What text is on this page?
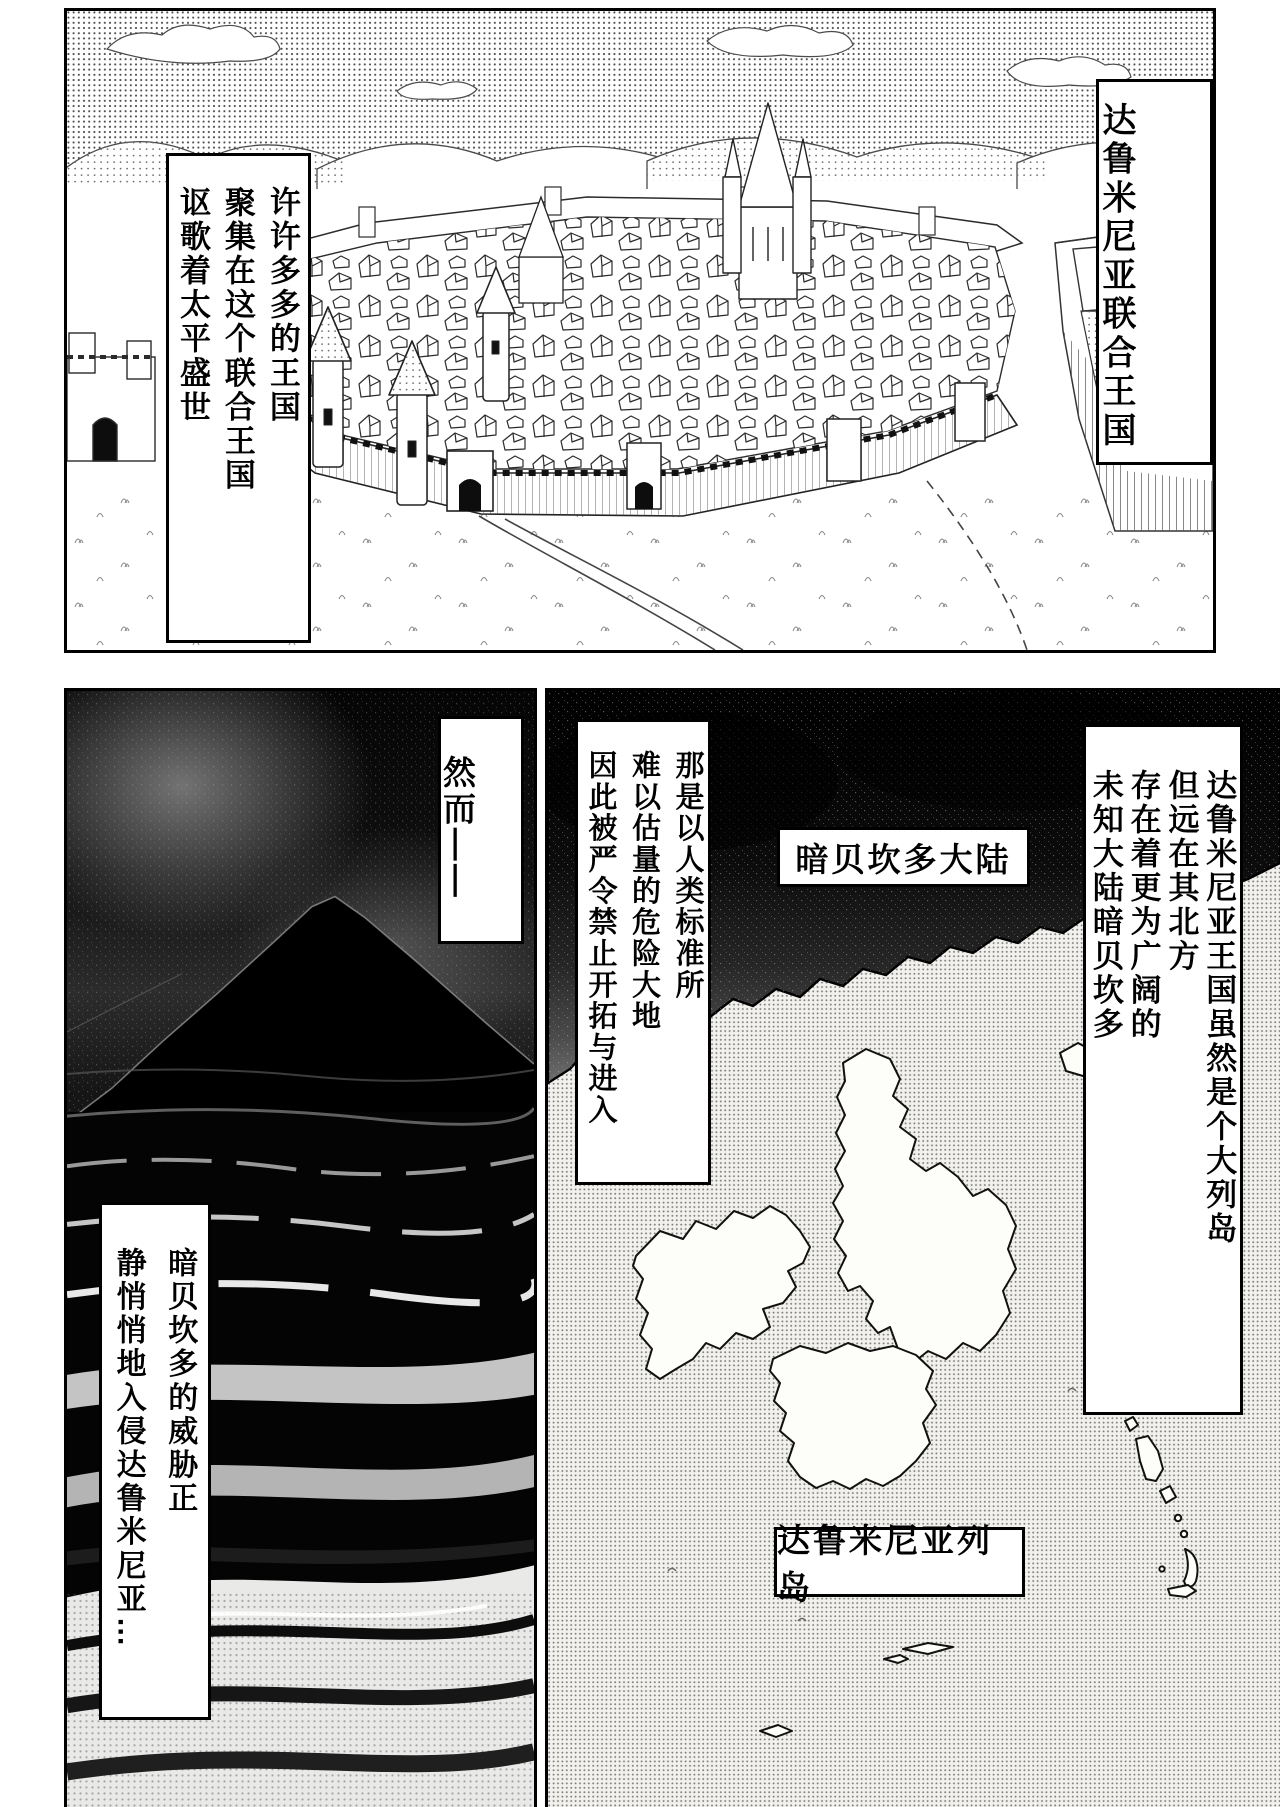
许许多多的王国
聚集在这个联合王国
讴歌着太平盛世	达鲁米尼亚联合王国
然而——
暗贝坎多的威胁正
静悄悄地入侵达鲁米尼亚…
暗贝坎多大陆
达鲁米尼亚列岛
达鲁米尼亚王国虽然是个大列岛
但远在其北方
存在着更为广阔的
未知大陆暗贝坎多
那是以人类标准所
难以估量的危险大地
因此被严令禁止开拓与进入
